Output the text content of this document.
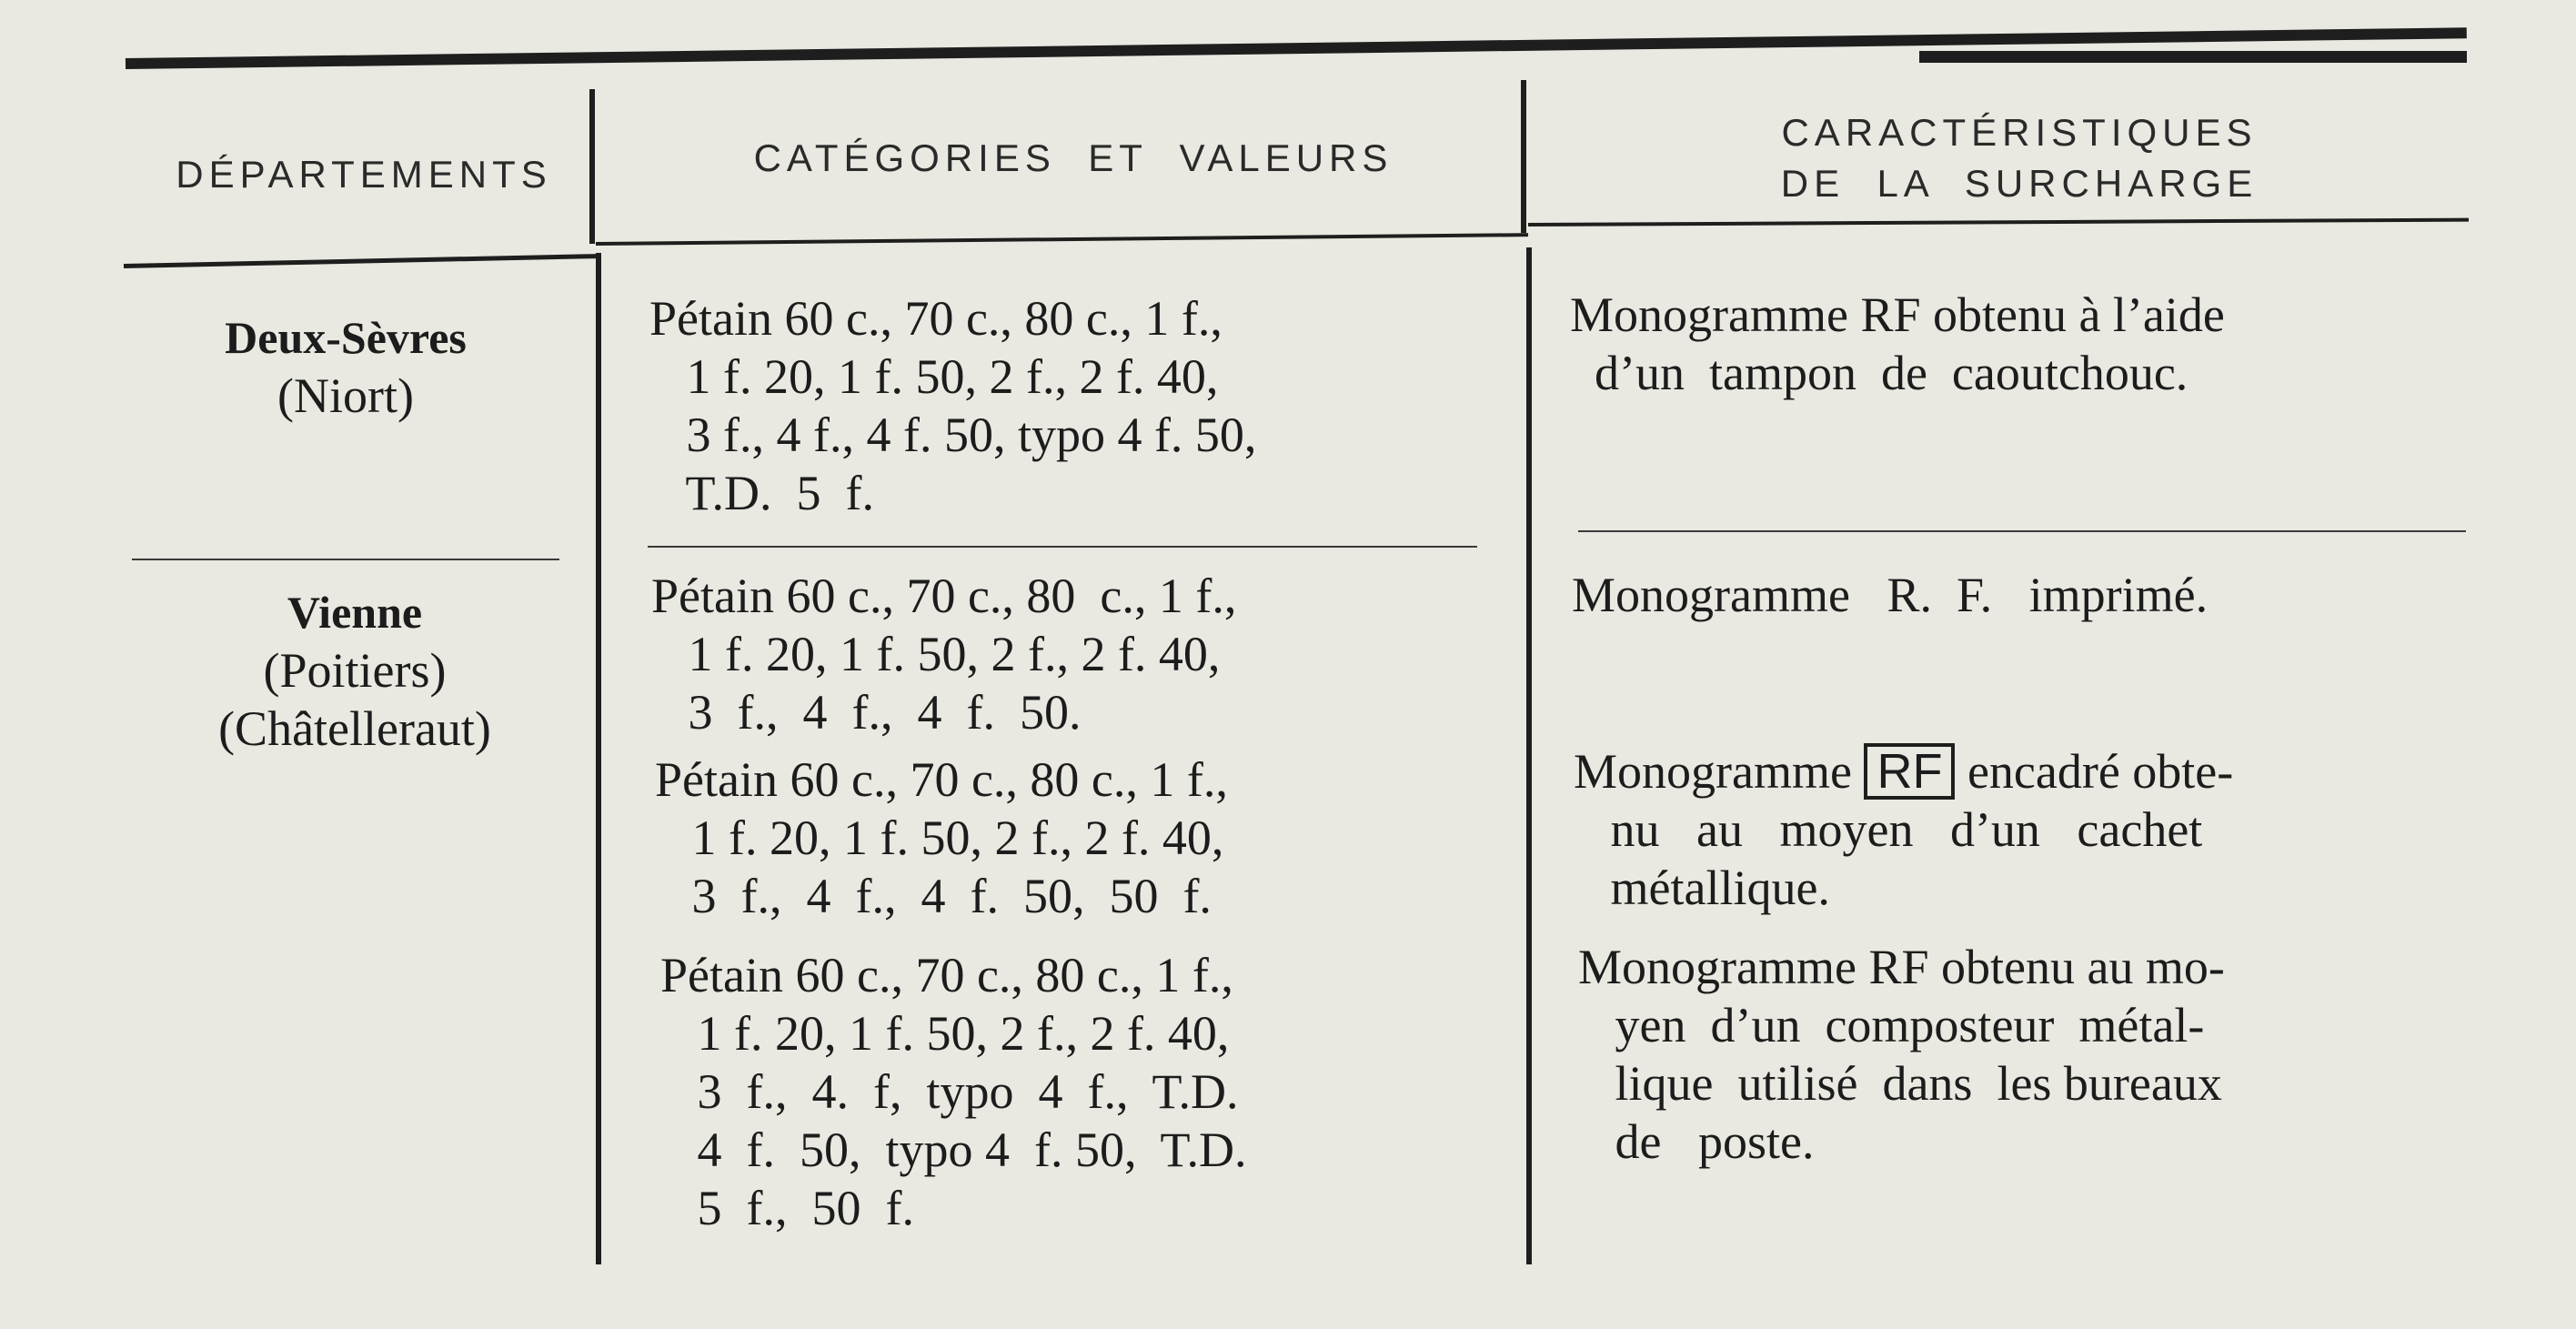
DÉPARTEMENTS	CATÉGORIES  ET  VALEURS
CARACTÉRISTIQUES
DE  LA  SURCHARGE
Deux-Sèvres
(Niort)
Vienne
(Poitiers)
(Châtelleraut)
Pétain 60 c., 70 c., 80 c., 1 f.,
1 f. 20, 1 f. 50, 2 f., 2 f. 40,
3 f., 4 f., 4 f. 50, typo 4 f. 50,
T.D.  5  f.
Pétain 60 c., 70 c., 80  c., 1 f.,
1 f. 20, 1 f. 50, 2 f., 2 f. 40,
3  f.,  4  f.,  4  f.  50.
Pétain 60 c., 70 c., 80 c., 1 f.,
1 f. 20, 1 f. 50, 2 f., 2 f. 40,
3  f.,  4  f.,  4  f.  50,  50  f.
Pétain 60 c., 70 c., 80 c., 1 f.,
1 f. 20, 1 f. 50, 2 f., 2 f. 40,
3  f.,  4.  f,  typo  4  f.,  T.D.
4  f.  50,  typo 4  f. 50,  T.D.
5  f.,  50  f.
Monogramme RF obtenu à l’aide
d’un  tampon  de  caoutchouc.
Monogramme   R.  F.   imprimé.
Monogramme RF encadré obte-
nu   au   moyen   d’un   cachet
métallique.
Monogramme RF obtenu au mo-
yen  d’un  composteur  métal-
lique  utilisé  dans  les bureaux
de   poste.
